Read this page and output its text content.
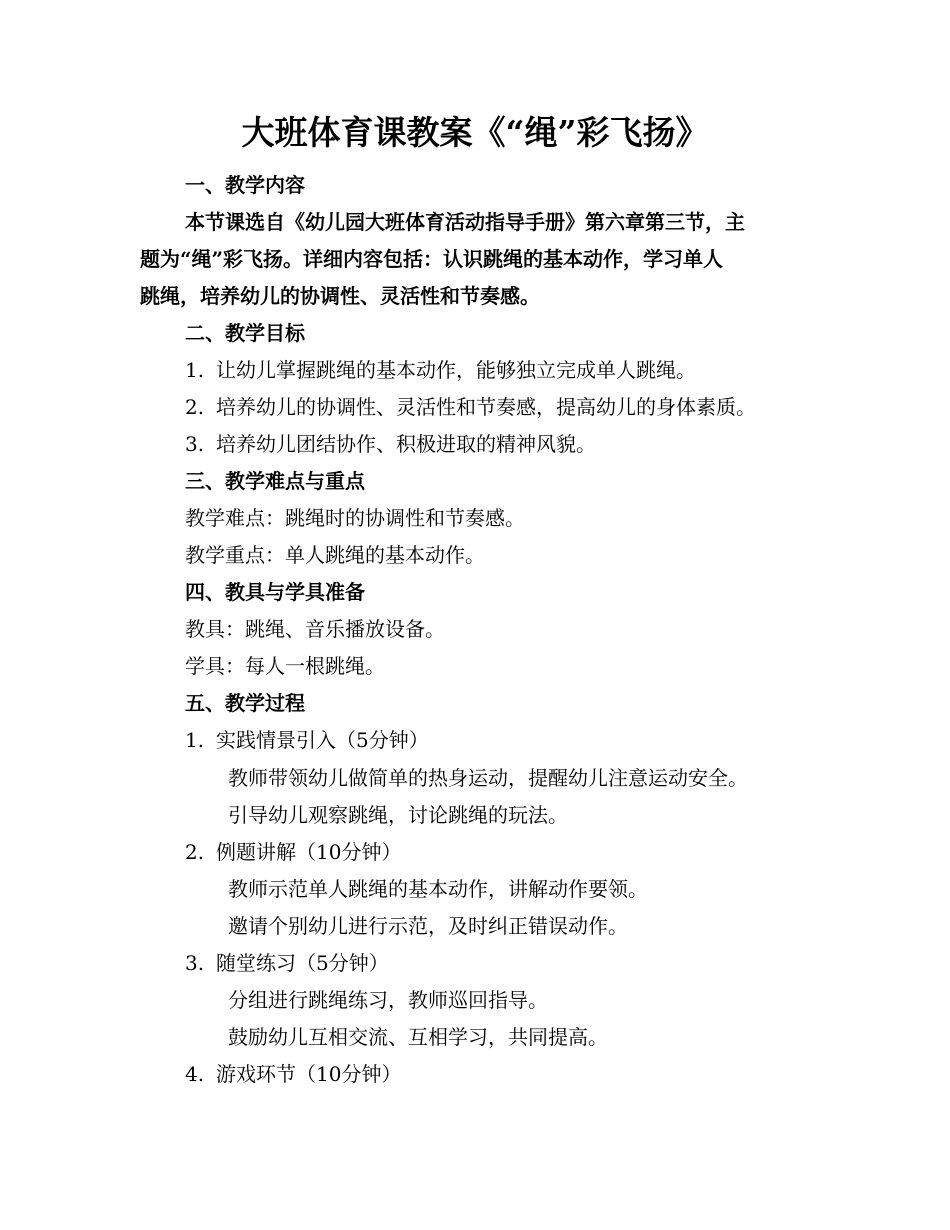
大班体育课教案《“绳”彩飞扬》
一、教学内容
本节课选自《幼儿园大班体育活动指导手册》第六章第三节，主
题为“绳”彩飞扬。详细内容包括：认识跳绳的基本动作，学习单人
跳绳，培养幼儿的协调性、灵活性和节奏感。
二、教学目标
1. 让幼儿掌握跳绳的基本动作，能够独立完成单人跳绳。
2. 培养幼儿的协调性、灵活性和节奏感，提高幼儿的身体素质。
3. 培养幼儿团结协作、积极进取的精神风貌。
三、教学难点与重点
教学难点：跳绳时的协调性和节奏感。
教学重点：单人跳绳的基本动作。
四、教具与学具准备
教具：跳绳、音乐播放设备。
学具：每人一根跳绳。
五、教学过程
1. 实践情景引入（5分钟）
教师带领幼儿做简单的热身运动，提醒幼儿注意运动安全。
引导幼儿观察跳绳，讨论跳绳的玩法。
2. 例题讲解（10分钟）
教师示范单人跳绳的基本动作，讲解动作要领。
邀请个别幼儿进行示范，及时纠正错误动作。
3. 随堂练习（5分钟）
分组进行跳绳练习，教师巡回指导。
鼓励幼儿互相交流、互相学习，共同提高。
4. 游戏环节（10分钟）
